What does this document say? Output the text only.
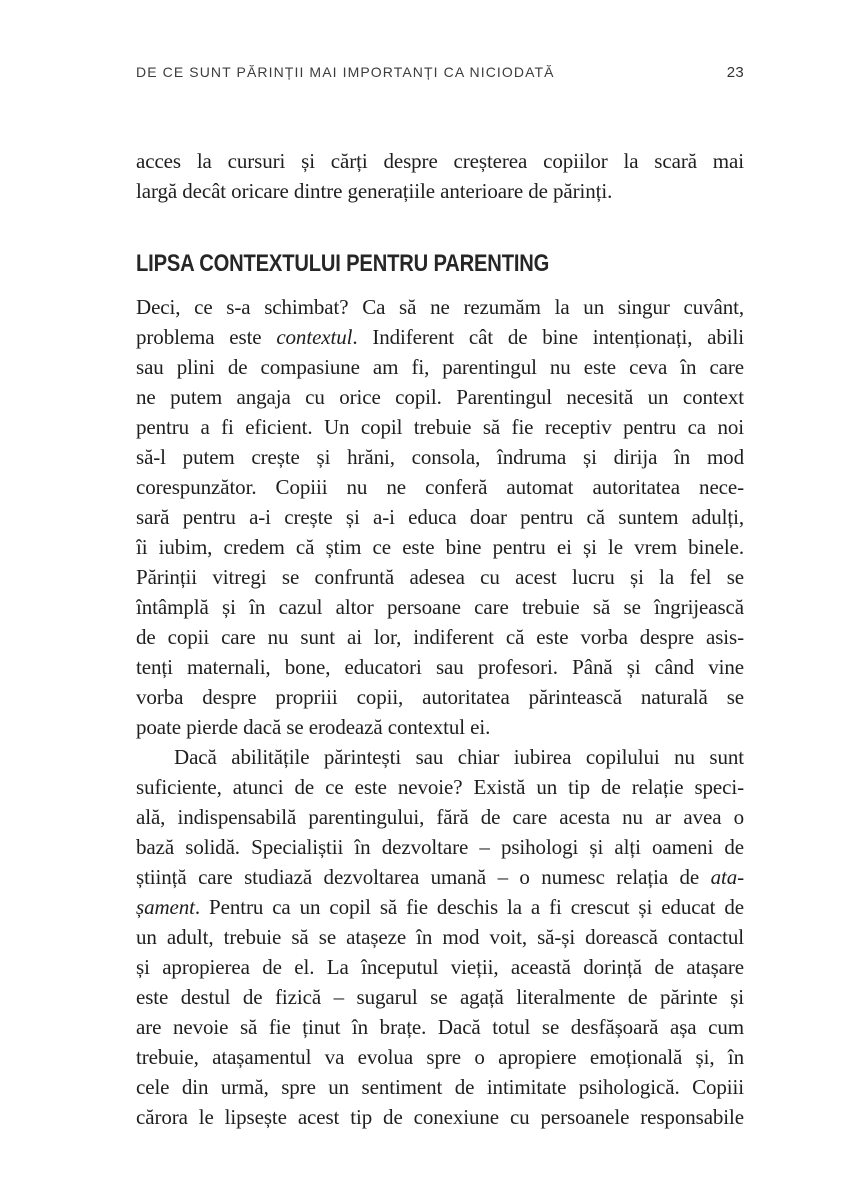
DE CE SUNT PĂRINȚII MAI IMPORTANȚI CA NICIODATĂ	23
acces la cursuri și cărți despre creșterea copiilor la scară mai
largă decât oricare dintre generațiile anterioare de părinți.
LIPSA CONTEXTULUI PENTRU PARENTING
Deci, ce s-a schimbat? Ca să ne rezumăm la un singur cuvânt,
problema este contextul. Indiferent cât de bine intenționați, abili
sau plini de compasiune am fi, parentingul nu este ceva în care
ne putem angaja cu orice copil. Parentingul necesită un context
pentru a fi eficient. Un copil trebuie să fie receptiv pentru ca noi
să-l putem crește și hrăni, consola, îndruma și dirija în mod
corespunzător. Copiii nu ne conferă automat autoritatea nece-
sară pentru a-i crește și a-i educa doar pentru că suntem adulți,
îi iubim, credem că știm ce este bine pentru ei și le vrem binele.
Părinții vitregi se confruntă adesea cu acest lucru și la fel se
întâmplă și în cazul altor persoane care trebuie să se îngrijească
de copii care nu sunt ai lor, indiferent că este vorba despre asis-
tenți maternali, bone, educatori sau profesori. Până și când vine
vorba despre propriii copii, autoritatea părintească naturală se
poate pierde dacă se erodează contextul ei.
Dacă abilitățile părintești sau chiar iubirea copilului nu sunt
suficiente, atunci de ce este nevoie? Există un tip de relație speci-
ală, indispensabilă parentingului, fără de care acesta nu ar avea o
bază solidă. Specialiștii în dezvoltare – psihologi și alți oameni de
știință care studiază dezvoltarea umană – o numesc relația de ata-
șament. Pentru ca un copil să fie deschis la a fi crescut și educat de
un adult, trebuie să se atașeze în mod voit, să-și dorească contactul
și apropierea de el. La începutul vieții, această dorință de atașare
este destul de fizică – sugarul se agață literalmente de părinte și
are nevoie să fie ținut în brațe. Dacă totul se desfășoară așa cum
trebuie, atașamentul va evolua spre o apropiere emoțională și, în
cele din urmă, spre un sentiment de intimitate psihologică. Copiii
cărora le lipsește acest tip de conexiune cu persoanele responsabile
